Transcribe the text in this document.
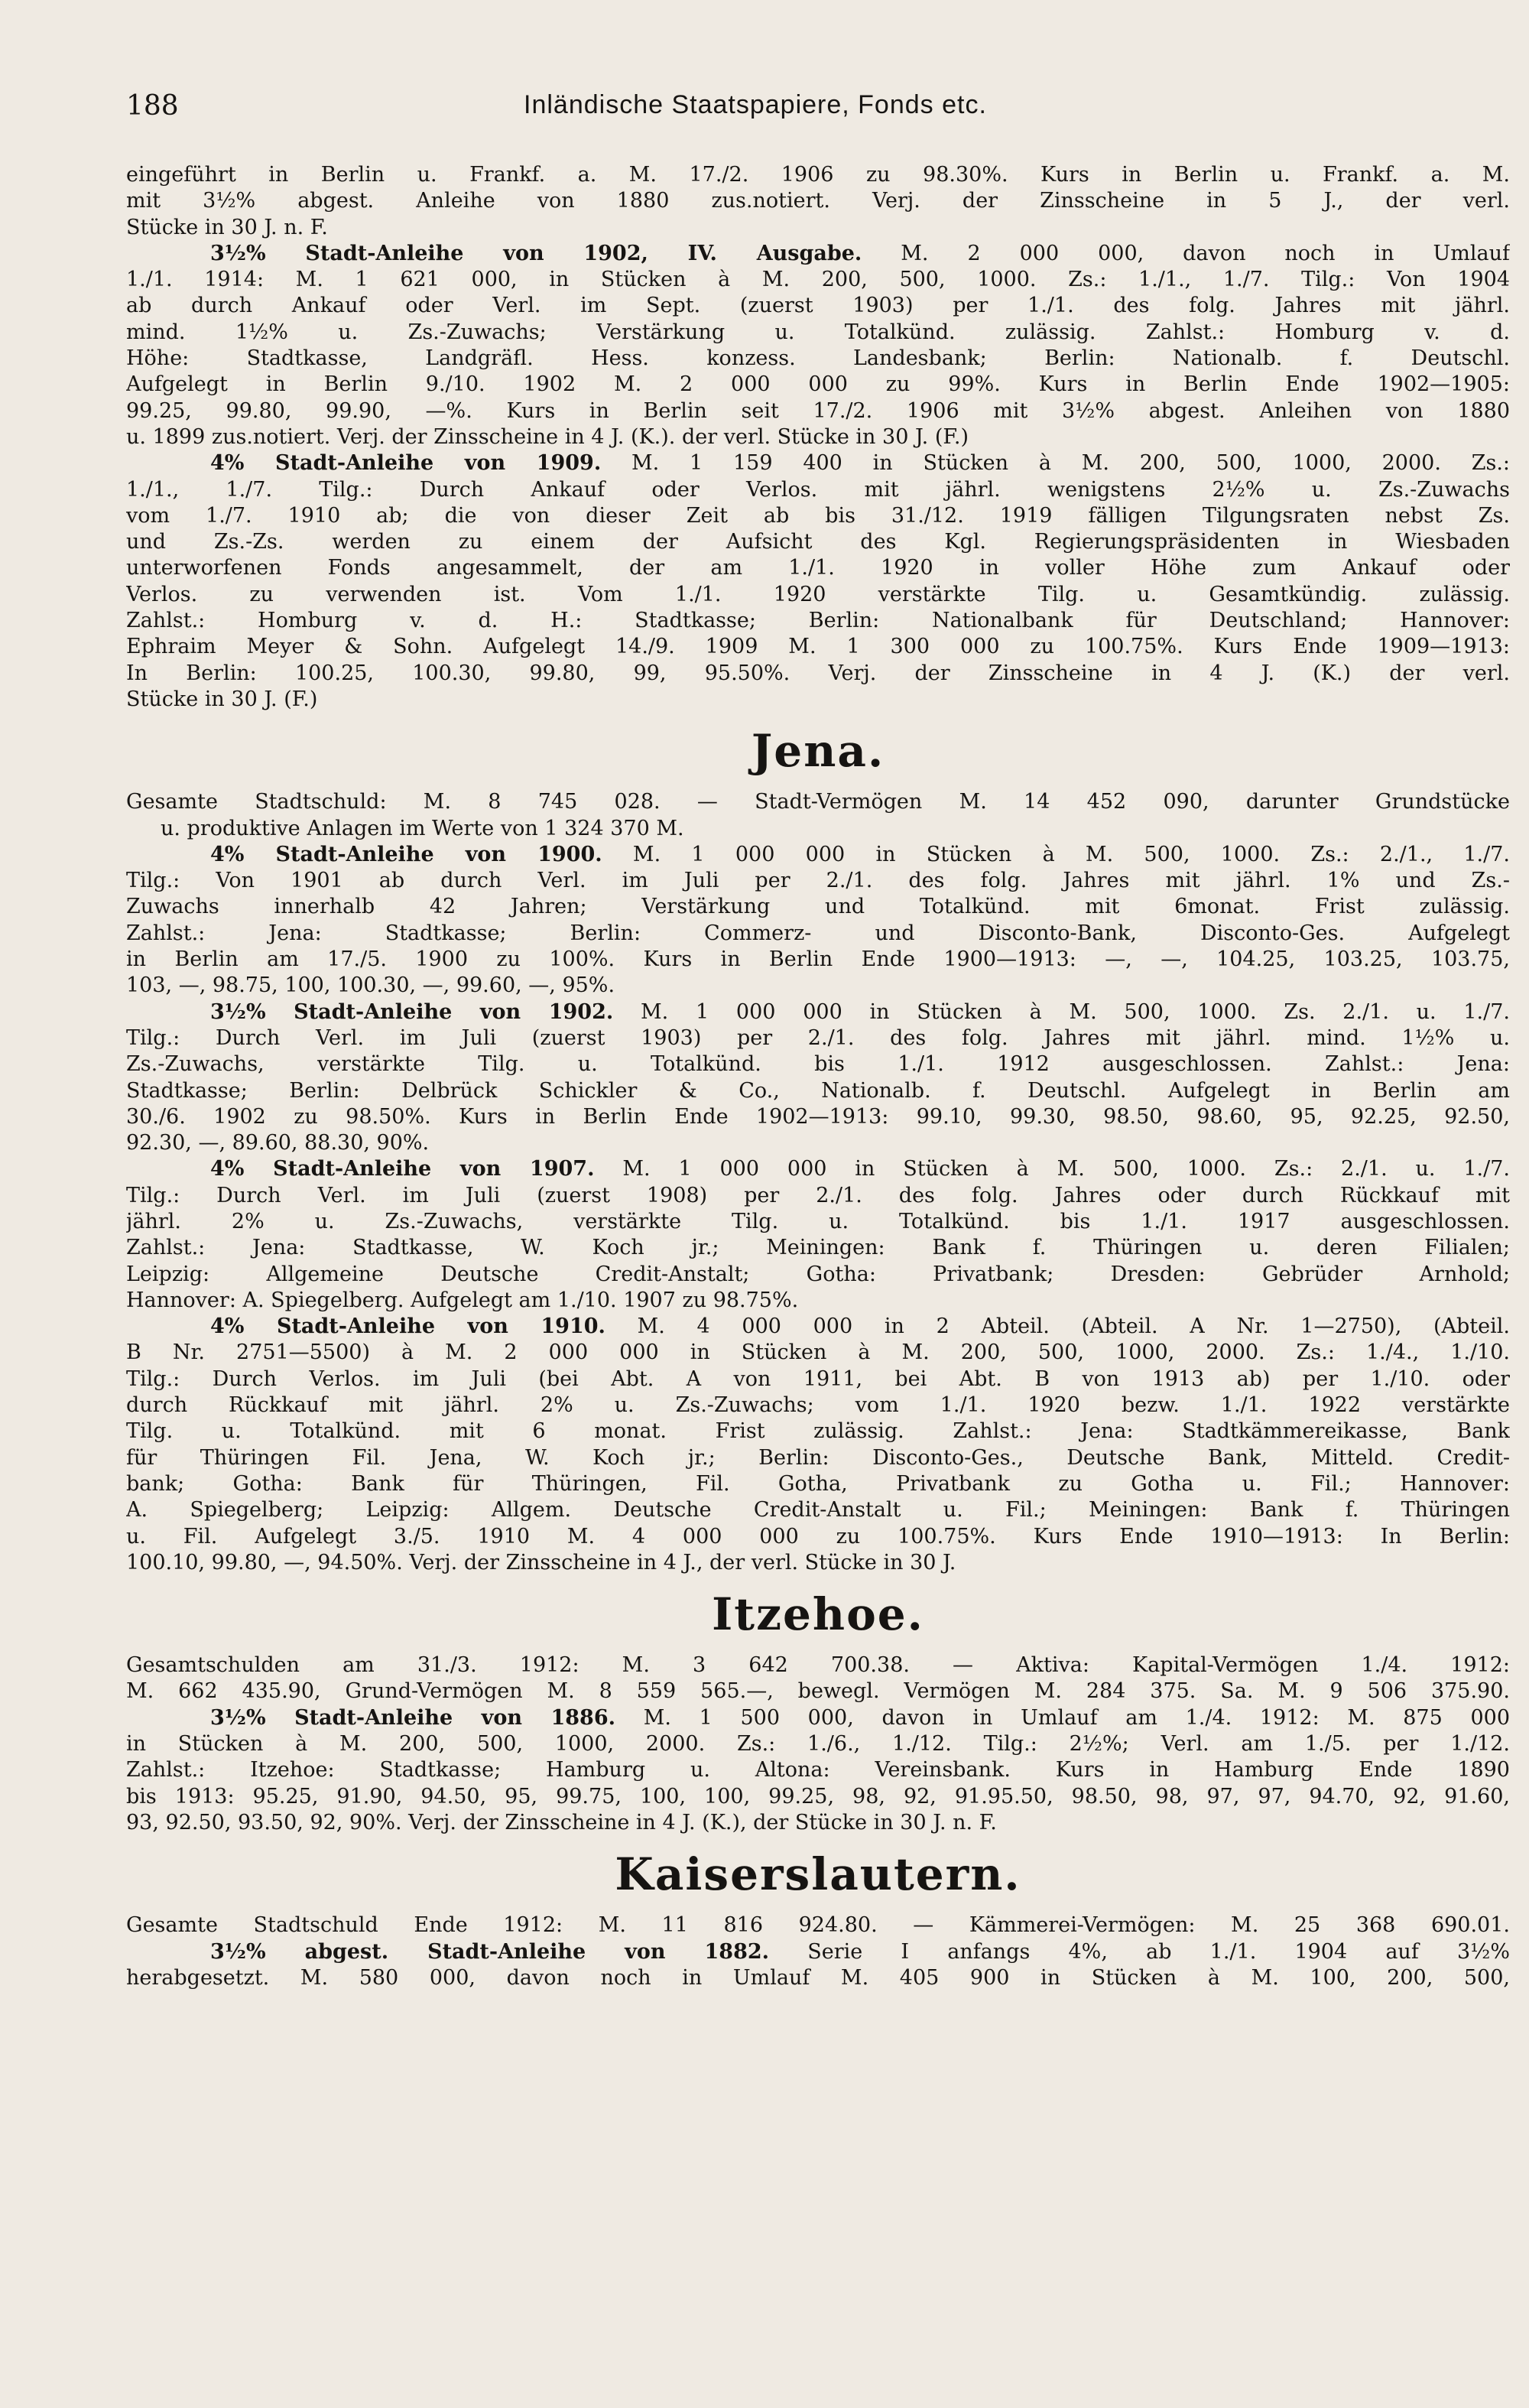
188	Inländische Staatspapiere, Fonds etc.
eingeführt in Berlin u. Frankf. a. M. 17./2. 1906 zu 98.30%. Kurs in Berlin u. Frankf. a. M.
mit 3½% abgest. Anleihe von 1880 zus.notiert. Verj. der Zinsscheine in 5 J., der verl.
Stücke in 30 J. n. F.
3½% Stadt-Anleihe von 1902, IV. Ausgabe. M. 2 000 000, davon noch in Umlauf
1./1. 1914: M. 1 621 000, in Stücken à M. 200, 500, 1000. Zs.: 1./1., 1./7. Tilg.: Von 1904
ab durch Ankauf oder Verl. im Sept. (zuerst 1903) per 1./1. des folg. Jahres mit jährl.
mind. 1½% u. Zs.-Zuwachs; Verstärkung u. Totalkünd. zulässig. Zahlst.: Homburg v. d.
Höhe: Stadtkasse, Landgräfl. Hess. konzess. Landesbank; Berlin: Nationalb. f. Deutschl.
Aufgelegt in Berlin 9./10. 1902 M. 2 000 000 zu 99%. Kurs in Berlin Ende 1902—1905:
99.25, 99.80, 99.90, —%. Kurs in Berlin seit 17./2. 1906 mit 3½% abgest. Anleihen von 1880
u. 1899 zus.notiert. Verj. der Zinsscheine in 4 J. (K.). der verl. Stücke in 30 J. (F.)
4% Stadt-Anleihe von 1909. M. 1 159 400 in Stücken à M. 200, 500, 1000, 2000. Zs.:
1./1., 1./7. Tilg.: Durch Ankauf oder Verlos. mit jährl. wenigstens 2½% u. Zs.-Zuwachs
vom 1./7. 1910 ab; die von dieser Zeit ab bis 31./12. 1919 fälligen Tilgungsraten nebst Zs.
und Zs.-Zs. werden zu einem der Aufsicht des Kgl. Regierungspräsidenten in Wiesbaden
unterworfenen Fonds angesammelt, der am 1./1. 1920 in voller Höhe zum Ankauf oder
Verlos. zu verwenden ist. Vom 1./1. 1920 verstärkte Tilg. u. Gesamtkündig. zulässig.
Zahlst.: Homburg v. d. H.: Stadtkasse; Berlin: Nationalbank für Deutschland; Hannover:
Ephraim Meyer & Sohn. Aufgelegt 14./9. 1909 M. 1 300 000 zu 100.75%. Kurs Ende 1909—1913:
In Berlin: 100.25, 100.30, 99.80, 99, 95.50%. Verj. der Zinsscheine in 4 J. (K.) der verl.
Stücke in 30 J. (F.)
Jena.
Gesamte Stadtschuld: M. 8 745 028. — Stadt-Vermögen M. 14 452 090, darunter Grundstücke
u. produktive Anlagen im Werte von 1 324 370 M.
4% Stadt-Anleihe von 1900. M. 1 000 000 in Stücken à M. 500, 1000. Zs.: 2./1., 1./7.
Tilg.: Von 1901 ab durch Verl. im Juli per 2./1. des folg. Jahres mit jährl. 1% und Zs.-
Zuwachs innerhalb 42 Jahren; Verstärkung und Totalkünd. mit 6monat. Frist zulässig.
Zahlst.: Jena: Stadtkasse; Berlin: Commerz- und Disconto-Bank, Disconto-Ges. Aufgelegt
in Berlin am 17./5. 1900 zu 100%. Kurs in Berlin Ende 1900—1913: —, —, 104.25, 103.25, 103.75,
103, —, 98.75, 100, 100.30, —, 99.60, —, 95%.
3½% Stadt-Anleihe von 1902. M. 1 000 000 in Stücken à M. 500, 1000. Zs. 2./1. u. 1./7.
Tilg.: Durch Verl. im Juli (zuerst 1903) per 2./1. des folg. Jahres mit jährl. mind. 1½% u.
Zs.-Zuwachs, verstärkte Tilg. u. Totalkünd. bis 1./1. 1912 ausgeschlossen. Zahlst.: Jena:
Stadtkasse; Berlin: Delbrück Schickler & Co., Nationalb. f. Deutschl. Aufgelegt in Berlin am
30./6. 1902 zu 98.50%. Kurs in Berlin Ende 1902—1913: 99.10, 99.30, 98.50, 98.60, 95, 92.25, 92.50,
92.30, —, 89.60, 88.30, 90%.
4% Stadt-Anleihe von 1907. M. 1 000 000 in Stücken à M. 500, 1000. Zs.: 2./1. u. 1./7.
Tilg.: Durch Verl. im Juli (zuerst 1908) per 2./1. des folg. Jahres oder durch Rückkauf mit
jährl. 2% u. Zs.-Zuwachs, verstärkte Tilg. u. Totalkünd. bis 1./1. 1917 ausgeschlossen.
Zahlst.: Jena: Stadtkasse, W. Koch jr.; Meiningen: Bank f. Thüringen u. deren Filialen;
Leipzig: Allgemeine Deutsche Credit-Anstalt; Gotha: Privatbank; Dresden: Gebrüder Arnhold;
Hannover: A. Spiegelberg. Aufgelegt am 1./10. 1907 zu 98.75%.
4% Stadt-Anleihe von 1910. M. 4 000 000 in 2 Abteil. (Abteil. A Nr. 1—2750), (Abteil.
B Nr. 2751—5500) à M. 2 000 000 in Stücken à M. 200, 500, 1000, 2000. Zs.: 1./4., 1./10.
Tilg.: Durch Verlos. im Juli (bei Abt. A von 1911, bei Abt. B von 1913 ab) per 1./10. oder
durch Rückkauf mit jährl. 2% u. Zs.-Zuwachs; vom 1./1. 1920 bezw. 1./1. 1922 verstärkte
Tilg. u. Totalkünd. mit 6 monat. Frist zulässig. Zahlst.: Jena: Stadtkämmereikasse, Bank
für Thüringen Fil. Jena, W. Koch jr.; Berlin: Disconto-Ges., Deutsche Bank, Mitteld. Credit-
bank; Gotha: Bank für Thüringen, Fil. Gotha, Privatbank zu Gotha u. Fil.; Hannover:
A. Spiegelberg; Leipzig: Allgem. Deutsche Credit-Anstalt u. Fil.; Meiningen: Bank f. Thüringen
u. Fil. Aufgelegt 3./5. 1910 M. 4 000 000 zu 100.75%. Kurs Ende 1910—1913: In Berlin:
100.10, 99.80, —, 94.50%. Verj. der Zinsscheine in 4 J., der verl. Stücke in 30 J.
Itzehoe.
Gesamtschulden am 31./3. 1912: M. 3 642 700.38. — Aktiva: Kapital-Vermögen 1./4. 1912:
M. 662 435.90, Grund-Vermögen M. 8 559 565.—, bewegl. Vermögen M. 284 375. Sa. M. 9 506 375.90.
3½% Stadt-Anleihe von 1886. M. 1 500 000, davon in Umlauf am 1./4. 1912: M. 875 000
in Stücken à M. 200, 500, 1000, 2000. Zs.: 1./6., 1./12. Tilg.: 2½%; Verl. am 1./5. per 1./12.
Zahlst.: Itzehoe: Stadtkasse; Hamburg u. Altona: Vereinsbank. Kurs in Hamburg Ende 1890
bis 1913: 95.25, 91.90, 94.50, 95, 99.75, 100, 100, 99.25, 98, 92, 91.95.50, 98.50, 98, 97, 97, 94.70, 92, 91.60,
93, 92.50, 93.50, 92, 90%. Verj. der Zinsscheine in 4 J. (K.), der Stücke in 30 J. n. F.
Kaiserslautern.
Gesamte Stadtschuld Ende 1912: M. 11 816 924.80. — Kämmerei-Vermögen: M. 25 368 690.01.
3½% abgest. Stadt-Anleihe von 1882. Serie I anfangs 4%, ab 1./1. 1904 auf 3½%
herabgesetzt. M. 580 000, davon noch in Umlauf M. 405 900 in Stücken à M. 100, 200, 500,
